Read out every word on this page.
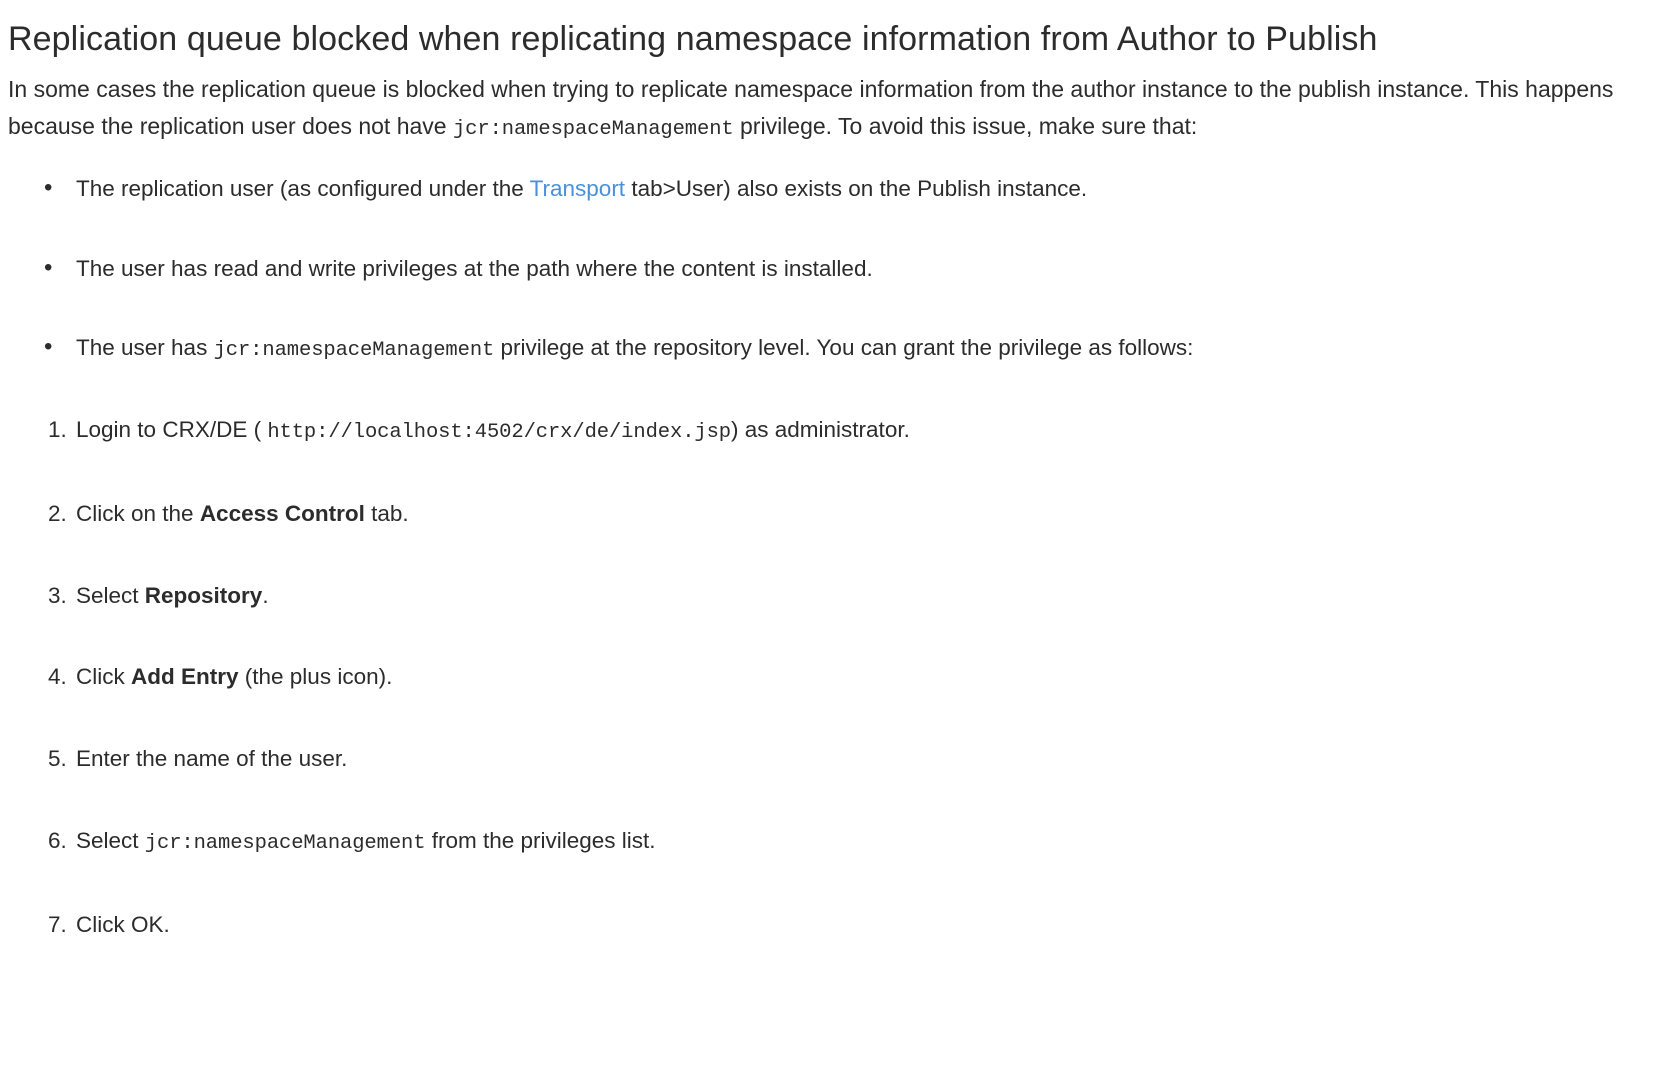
Replication queue blocked when replicating namespace information from Author to Publish

In some cases the replication queue is blocked when trying to replicate namespace information from the author instance to the publish instance. This happens because the replication user does not have jcr:namespaceManagement privilege. To avoid this issue, make sure that:

• The replication user (as configured under the Transport tab>User) also exists on the Publish instance.
• The user has read and write privileges at the path where the content is installed.
• The user has jcr:namespaceManagement privilege at the repository level. You can grant the privilege as follows:
Login to CRX/DE ( http://localhost:4502/crx/de/index.jsp) as administrator.
Click on the Access Control tab.
Select Repository.
Click Add Entry (the plus icon).
Enter the name of the user.
Select jcr:namespaceManagement from the privileges list.
Click OK.
